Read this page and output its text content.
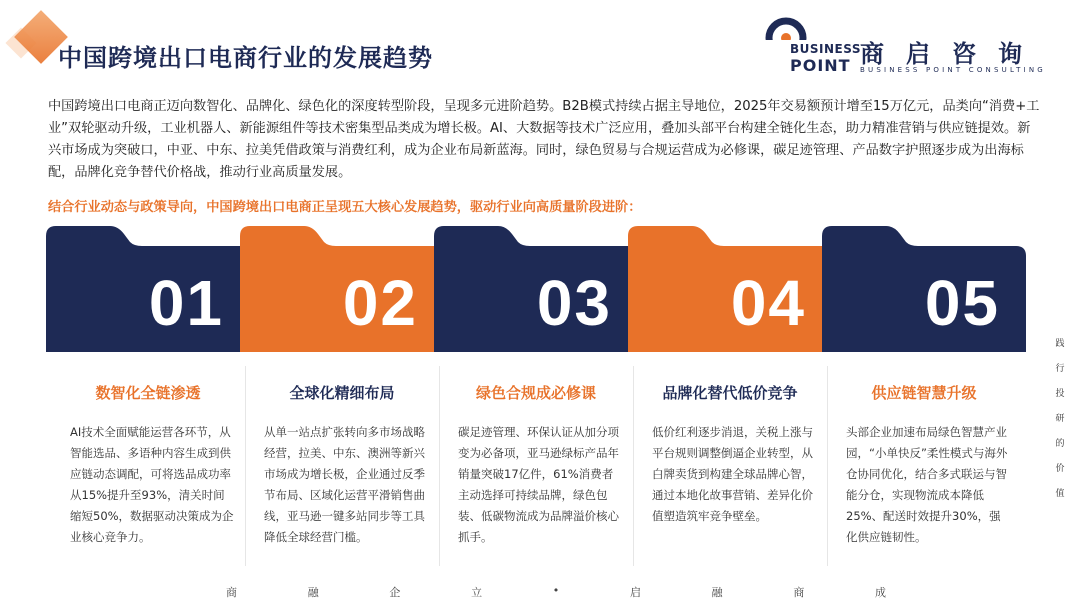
中国跨境出口电商行业的发展趋势	BUSINESS
POINT 商启咨询
BUSINESS POINT CONSULTING
中国跨境出口电商正迈向数智化、品牌化、绿色化的深度转型阶段，呈现多元进阶趋势。B2B模式持续占据主导地位，2025年交易额预计增至15万亿元，品类向“消费+工业”双轮驱动升级，工业机器人、新能源组件等技术密集型品类成为增长极。AI、大数据等技术广泛应用，叠加头部平台构建全链化生态，助力精准营销与供应链提效。新兴市场成为突破口，中亚、中东、拉美凭借政策与消费红利，成为企业布局新蓝海。同时，绿色贸易与合规运营成为必修课，碳足迹管理、产品数字护照逐步成为出海标配，品牌化竞争替代价格战，推动行业高质量发展。
结合行业动态与政策导向，中国跨境出口电商正呈现五大核心发展趋势，驱动行业向高质量阶段进阶：
01
数智化全链渗透
AI技术全面赋能运营各环节，从智能选品、多语种内容生成到供应链动态调配，可将选品成功率从15%提升至93%，清关时间缩短50%，数据驱动决策成为企业核心竞争力。
02
全球化精细布局
从单一站点扩张转向多市场战略经营，拉美、中东、澳洲等新兴市场成为增长极，企业通过反季节布局、区域化运营平滑销售曲线，亚马逊一键多站同步等工具降低全球经营门槛。
03
绿色合规成必修课
碳足迹管理、环保认证从加分项变为必备项，亚马逊绿标产品年销量突破17亿件，61%消费者主动选择可持续品牌，绿色包装、低碳物流成为品牌溢价核心抓手。
04
品牌化替代低价竞争
低价红利逐步消退，关税上涨与平台规则调整倒逼企业转型，从白牌卖货到构建全球品牌心智，通过本地化故事营销、差异化价值塑造筑牢竞争壁垒。
05
供应链智慧升级
头部企业加速布局绿色智慧产业园，“小单快反”柔性模式与海外仓协同优化，结合多式联运与智能分仓，实现物流成本降低25%、配送时效提升30%，强化供应链韧性。
践
行
投
研
的
价
值
商	融	企	立	•	启	融	商	成
